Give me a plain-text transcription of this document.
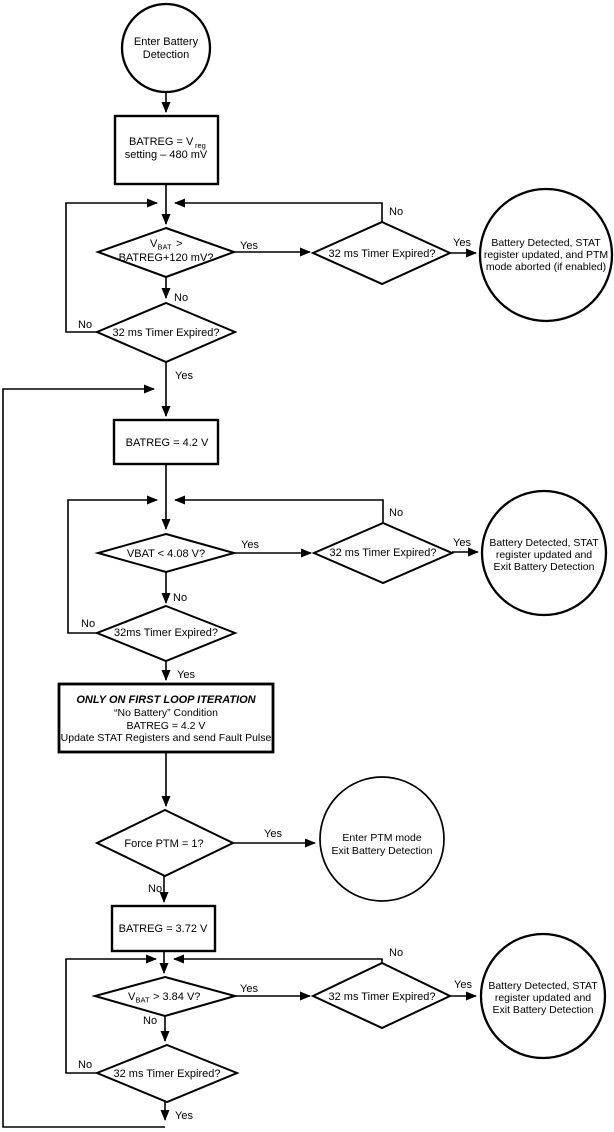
Enter Battery
Detection
BATREG = V reg
setting – 480 mV
V BAT >
BATREG+120 mV?
32 ms Timer Expired?
32 ms Timer Expired?
Battery Detected, STAT
register updated, and PTM
mode aborted (if enabled)
BATREG = 4.2 V
VBAT < 4.08 V?
32ms Timer Expired?
32 ms Timer Expired?
Battery Detected, STAT
register updated and
Exit Battery Detection
ONLY ON FIRST LOOP ITERATION
“No Battery” Condition
BATREG = 4.2 V
Update STAT Registers and send Fault Pulse
Force PTM = 1?	Enter PTM mode
Exit Battery Detection
BATREG = 3.72 V
V BAT > 3.84 V?	32 ms Timer Expired?
Battery Detected, STAT
register updated and
Exit Battery Detection
32 ms Timer Expired?
Yes
No
No
Yes
No
Yes
Yes
No
No
Yes
No
Yes
Yes
No
Yes
No
No
Yes
No
Yes
